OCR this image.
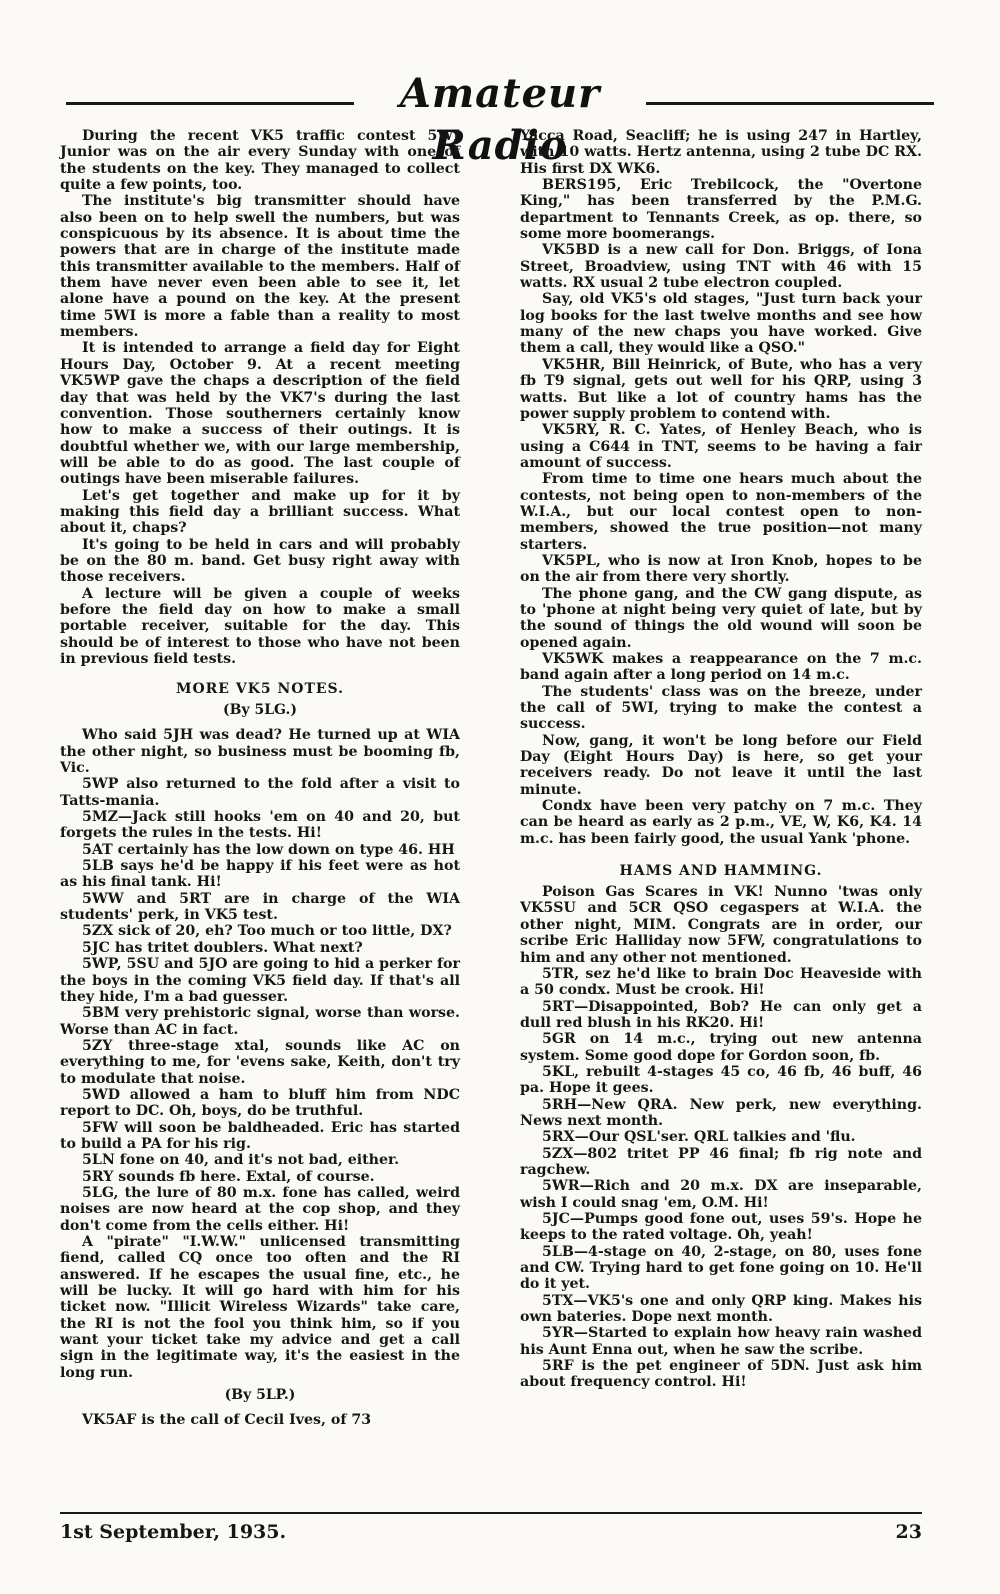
Amateur Radio

During the recent VK5 traffic contest 5WI Junior was on the air every Sunday with one of the students on the key. They managed to collect quite a few points, too.

The institute's big transmitter should have also been on to help swell the numbers, but was conspicuous by its absence. It is about time the powers that are in charge of the institute made this transmitter available to the members. Half of them have never even been able to see it, let alone have a pound on the key. At the present time 5WI is more a fable than a reality to most members.

It is intended to arrange a field day for Eight Hours Day, October 9. At a recent meeting VK5WP gave the chaps a description of the field day that was held by the VK7's during the last convention. Those southerners certainly know how to make a success of their outings. It is doubtful whether we, with our large membership, will be able to do as good. The last couple of outings have been miserable failures.

Let's get together and make up for it by making this field day a brilliant success. What about it, chaps?

It's going to be held in cars and will probably be on the 80 m. band. Get busy right away with those receivers.

A lecture will be given a couple of weeks before the field day on how to make a small portable receiver, suitable for the day. This should be of interest to those who have not been in previous field tests.

MORE VK5 NOTES.
(By 5LG.)

Who said 5JH was dead? He turned up at WIA the other night, so business must be booming fb, Vic.

5WP also returned to the fold after a visit to Tatts-mania.

5MZ—Jack still hooks 'em on 40 and 20, but forgets the rules in the tests. Hi!

5AT certainly has the low down on type 46. HH

5LB says he'd be happy if his feet were as hot as his final tank. Hi!

5WW and 5RT are in charge of the WIA students' perk, in VK5 test.

5ZX sick of 20, eh? Too much or too little, DX?

5JC has tritet doublers. What next?

5WP, 5SU and 5JO are going to hid a perker for the boys in the coming VK5 field day. If that's all they hide, I'm a bad guesser.

5BM very prehistoric signal, worse than worse. Worse than AC in fact.

5ZY three-stage xtal, sounds like AC on everything to me, for 'evens sake, Keith, don't try to modulate that noise.

5WD allowed a ham to bluff him from NDC report to DC. Oh, boys, do be truthful.

5FW will soon be baldheaded. Eric has started to build a PA for his rig.

5LN fone on 40, and it's not bad, either.

5RY sounds fb here. Extal, of course.

5LG, the lure of 80 m.x. fone has called, weird noises are now heard at the cop shop, and they don't come from the cells either. Hi!

A "pirate" "I.W.W." unlicensed transmitting fiend, called CQ once too often and the RI answered. If he escapes the usual fine, etc., he will be lucky. It will go hard with him for his ticket now. "Illicit Wireless Wizards" take care, the RI is not the fool you think him, so if you want your ticket take my advice and get a call sign in the legitimate way, it's the easiest in the long run.

(By 5LP.)

VK5AF is the call of Cecil Ives, of 73

Yacca Road, Seacliff; he is using 247 in Hartley, with 10 watts. Hertz antenna, using 2 tube DC RX. His first DX WK6.

BERS195, Eric Trebilcock, the "Overtone King," has been transferred by the P.M.G. department to Tennants Creek, as op. there, so some more boomerangs.

VK5BD is a new call for Don. Briggs, of Iona Street, Broadview, using TNT with 46 with 15 watts. RX usual 2 tube electron coupled.

Say, old VK5's old stages, "Just turn back your log books for the last twelve months and see how many of the new chaps you have worked. Give them a call, they would like a QSO."

VK5HR, Bill Heinrick, of Bute, who has a very fb T9 signal, gets out well for his QRP, using 3 watts. But like a lot of country hams has the power supply problem to contend with.

VK5RY, R. C. Yates, of Henley Beach, who is using a C644 in TNT, seems to be having a fair amount of success.

From time to time one hears much about the contests, not being open to non-members of the W.I.A., but our local contest open to non-members, showed the true position—not many starters.

VK5PL, who is now at Iron Knob, hopes to be on the air from there very shortly.

The phone gang, and the CW gang dispute, as to 'phone at night being very quiet of late, but by the sound of things the old wound will soon be opened again.

VK5WK makes a reappearance on the 7 m.c. band again after a long period on 14 m.c.

The students' class was on the breeze, under the call of 5WI, trying to make the contest a success.

Now, gang, it won't be long before our Field Day (Eight Hours Day) is here, so get your receivers ready. Do not leave it until the last minute.

Condx have been very patchy on 7 m.c. They can be heard as early as 2 p.m., VE, W, K6, K4. 14 m.c. has been fairly good, the usual Yank 'phone.

HAMS AND HAMMING.

Poison Gas Scares in VK! Nunno 'twas only VK5SU and 5CR QSO cegaspers at W.I.A. the other night, MIM. Congrats are in order, our scribe Eric Halliday now 5FW, congratulations to him and any other not mentioned.

5TR, sez he'd like to brain Doc Heaveside with a 50 condx. Must be crook. Hi!

5RT—Disappointed, Bob? He can only get a dull red blush in his RK20. Hi!

5GR on 14 m.c., trying out new antenna system. Some good dope for Gordon soon, fb.

5KL, rebuilt 4-stages 45 co, 46 fb, 46 buff, 46 pa. Hope it gees.

5RH—New QRA. New perk, new everything. News next month.

5RX—Our QSL'ser. QRL talkies and 'flu.

5ZX—802 tritet PP 46 final; fb rig note and ragchew.

5WR—Rich and 20 m.x. DX are inseparable, wish I could snag 'em, O.M. Hi!

5JC—Pumps good fone out, uses 59's. Hope he keeps to the rated voltage. Oh, yeah!

5LB—4-stage on 40, 2-stage, on 80, uses fone and CW. Trying hard to get fone going on 10. He'll do it yet.

5TX—VK5's one and only QRP king. Makes his own bateries. Dope next month.

5YR—Started to explain how heavy rain washed his Aunt Enna out, when he saw the scribe.

5RF is the pet engineer of 5DN. Just ask him about frequency control. Hi!

1st September, 1935.	23
